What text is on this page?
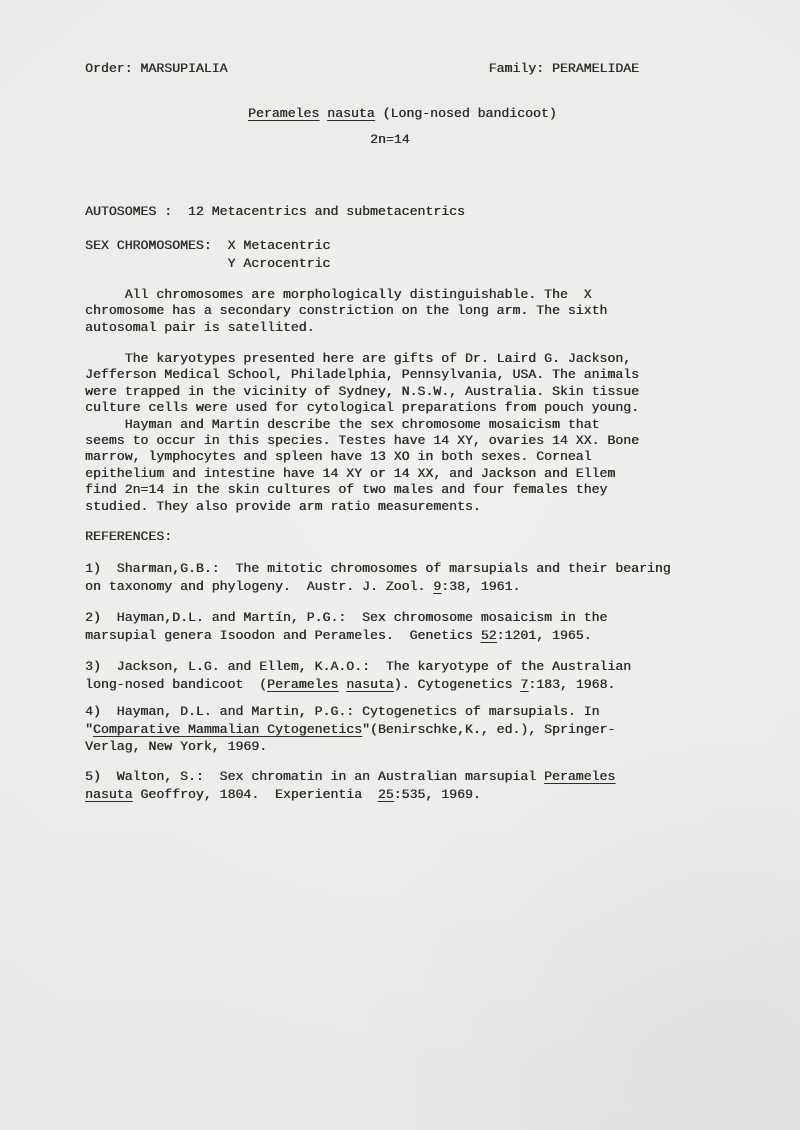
Order: MARSUPIALIA	Family: PERAMELIDAE
Perameles nasuta (Long-nosed bandicoot)
2n=14
AUTOSOMES :  12 Metacentrics and submetacentrics
SEX CHROMOSOMES:  X Metacentric
Y Acrocentric
All chromosomes are morphologically distinguishable. The  X
chromosome has a secondary constriction on the long arm. The sixth
autosomal pair is satellited.
The karyotypes presented here are gifts of Dr. Laird G. Jackson,
Jefferson Medical School, Philadelphia, Pennsylvania, USA. The animals
were trapped in the vicinity of Sydney, N.S.W., Australia. Skin tissue
culture cells were used for cytological preparations from pouch young.
Hayman and Martin describe the sex chromosome mosaicism that
seems to occur in this species. Testes have 14 XY, ovaries 14 XX. Bone
marrow, lymphocytes and spleen have 13 XO in both sexes. Corneal
epithelium and intestine have 14 XY or 14 XX, and Jackson and Ellem
find 2n=14 in the skin cultures of two males and four females they
studied. They also provide arm ratio measurements.
REFERENCES:
1)  Sharman,G.B.:  The mitotic chromosomes of marsupials and their bearing
on taxonomy and phylogeny.  Austr. J. Zool. 9:38, 1961.
2)  Hayman,D.L. and Martín, P.G.:  Sex chromosome mosaicism in the
marsupial genera Isoodon and Perameles.  Genetics 52:1201, 1965.
3)  Jackson, L.G. and Ellem, K.A.O.:  The karyotype of the Australian
long-nosed bandicoot  (Perameles nasuta). Cytogenetics 7:183, 1968.
4)  Hayman, D.L. and Martin, P.G.: Cytogenetics of marsupials. In
"Comparative Mammalian Cytogenetics"(Benirschke,K., ed.), Springer-
Verlag, New York, 1969.
5)  Walton, S.:  Sex chromatin in an Australian marsupial Perameles
nasuta Geoffroy, 1804.  Experientia  25:535, 1969.
